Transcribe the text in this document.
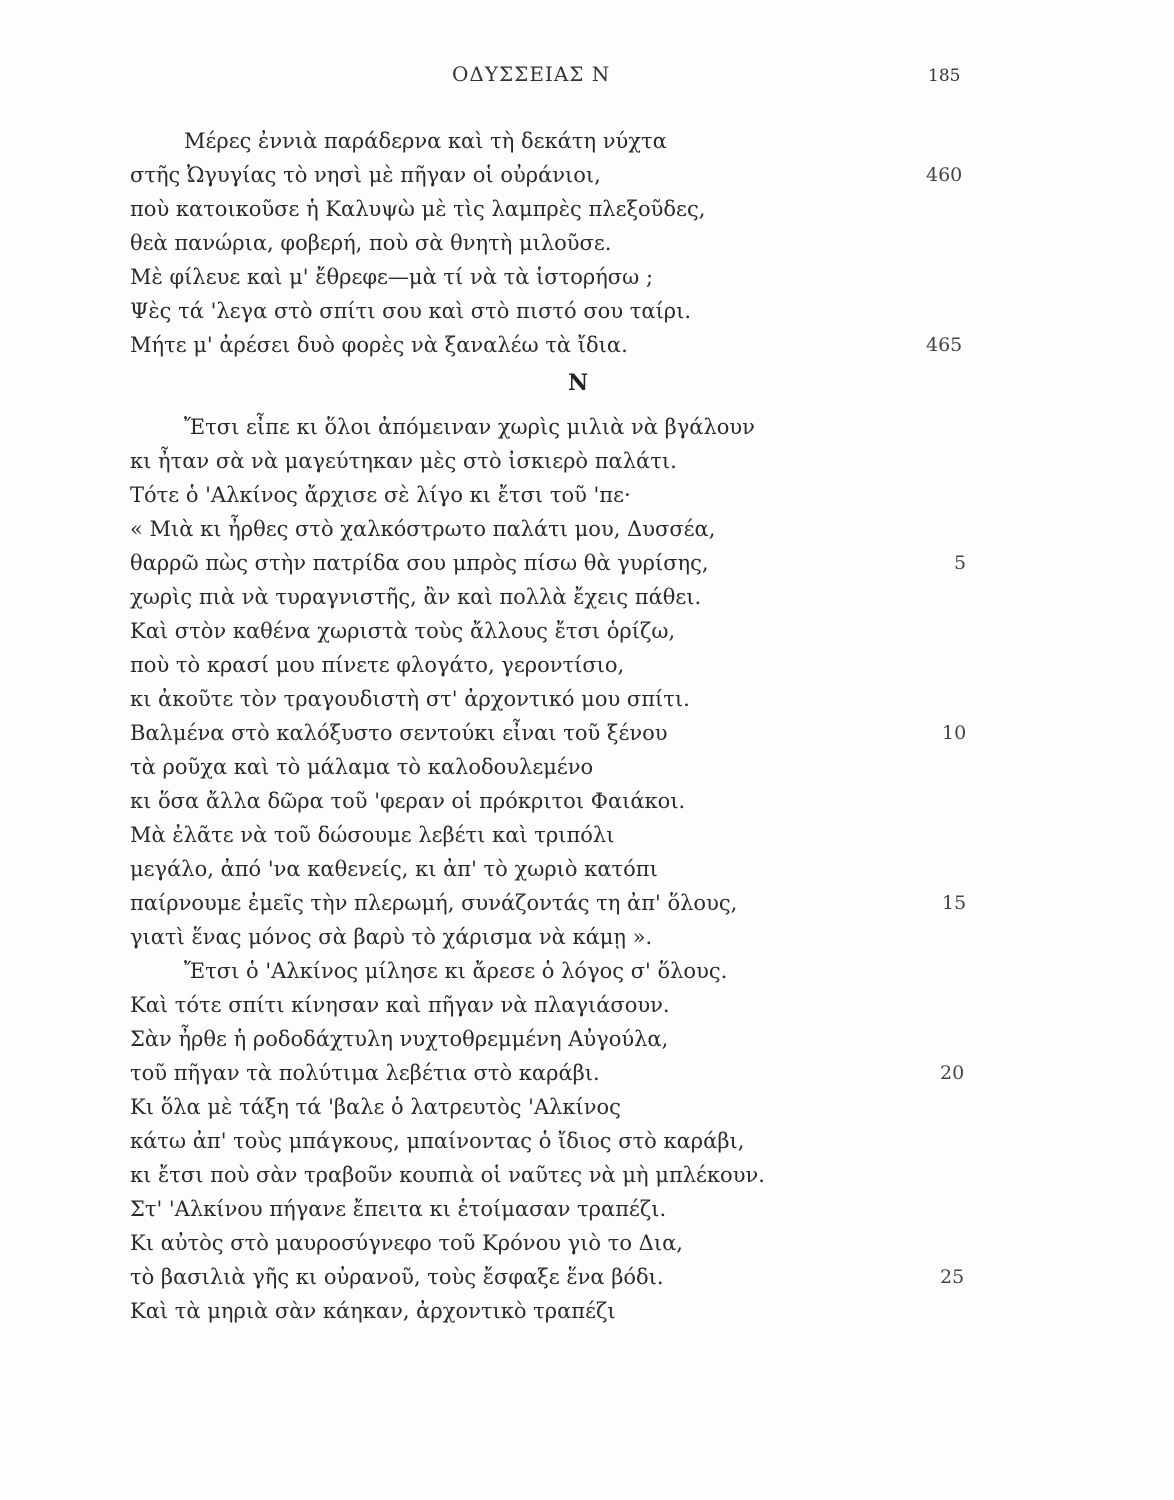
ΟΔΥΣΣΕΙΑΣ Ν	185
Μέρες ἐννιὰ παράδερνα καὶ τὴ δεκάτη νύχτα
στῆς Ὠγυγίας τὸ νησὶ μὲ πῆγαν οἱ οὐράνιοι,
ποὺ κατοικοῦσε ἡ Καλυψὼ μὲ τὶς λαμπρὲς πλεξοῦδες,
θεὰ πανώρια, φοβερή, ποὺ σὰ θνητὴ μιλοῦσε.
Μὲ φίλευε καὶ μ' ἔθρεφε—μὰ τί νὰ τὰ ἱστορήσω ;
Ψὲς τά 'λεγα στὸ σπίτι σου καὶ στὸ πιστό σου ταίρι.
Μήτε μ' ἀρέσει δυὸ φορὲς νὰ ξαναλέω τὰ ἴδια.
460
465
Ν
Ἔτσι εἶπε κι ὅλοι ἀπόμειναν χωρὶς μιλιὰ νὰ βγάλουν
κι ἦταν σὰ νὰ μαγεύτηκαν μὲς στὸ ἰσκιερὸ παλάτι.
Τότε ὁ 'Αλκίνος ἄρχισε σὲ λίγο κι ἔτσι τοῦ 'πε·
« Μιὰ κι ἦρθες στὸ χαλκόστρωτο παλάτι μου, Δυσσέα,
θαρρῶ πὼς στὴν πατρίδα σου μπρὸς πίσω θὰ γυρίσης,
χωρὶς πιὰ νὰ τυραγνιστῆς, ἂν καὶ πολλὰ ἔχεις πάθει.
Καὶ στὸν καθένα χωριστὰ τοὺς ἄλλους ἔτσι ὁρίζω,
ποὺ τὸ κρασί μου πίνετε φλογάτο, γεροντίσιο,
κι ἀκοῦτε τὸν τραγουδιστὴ στ' ἀρχοντικό μου σπίτι.
Βαλμένα στὸ καλόξυστο σεντούκι εἶναι τοῦ ξένου
τὰ ροῦχα καὶ τὸ μάλαμα τὸ καλοδουλεμένο
κι ὅσα ἄλλα δῶρα τοῦ 'φεραν οἱ πρόκριτοι Φαιάκοι.
Μὰ ἐλᾶτε νὰ τοῦ δώσουμε λεβέτι καὶ τριπόλι
μεγάλο, ἀπό 'να καθενείς, κι ἀπ' τὸ χωριὸ κατόπι
παίρνουμε ἐμεῖς τὴν πλερωμή, συνάζοντάς τη ἀπ' ὅλους,
γιατὶ ἕνας μόνος σὰ βαρὺ τὸ χάρισμα νὰ κάμῃ ».
Ἔτσι ὁ 'Αλκίνος μίλησε κι ἄρεσε ὁ λόγος σ' ὅλους.
Καὶ τότε σπίτι κίνησαν καὶ πῆγαν νὰ πλαγιάσουν.
Σὰν ἦρθε ἡ ροδοδάχτυλη νυχτοθρεμμένη Αὐγούλα,
τοῦ πῆγαν τὰ πολύτιμα λεβέτια στὸ καράβι.
Κι ὅλα μὲ τάξη τά 'βαλε ὁ λατρευτὸς 'Αλκίνος
κάτω ἀπ' τοὺς μπάγκους, μπαίνοντας ὁ ἴδιος στὸ καράβι,
κι ἔτσι ποὺ σὰν τραβοῦν κουπιὰ οἱ ναῦτες νὰ μὴ μπλέκουν.
Στ' 'Αλκίνου πήγανε ἔπειτα κι ἑτοίμασαν τραπέζι.
Κι αὐτὸς στὸ μαυροσύγνεφο τοῦ Κρόνου γιὸ το Δια,
τὸ βασιλιὰ γῆς κι οὐρανοῦ, τοὺς ἔσφαξε ἕνα βόδι.
Καὶ τὰ μηριὰ σὰν κάηκαν, ἀρχοντικὸ τραπέζι
5
10
15
20
25
